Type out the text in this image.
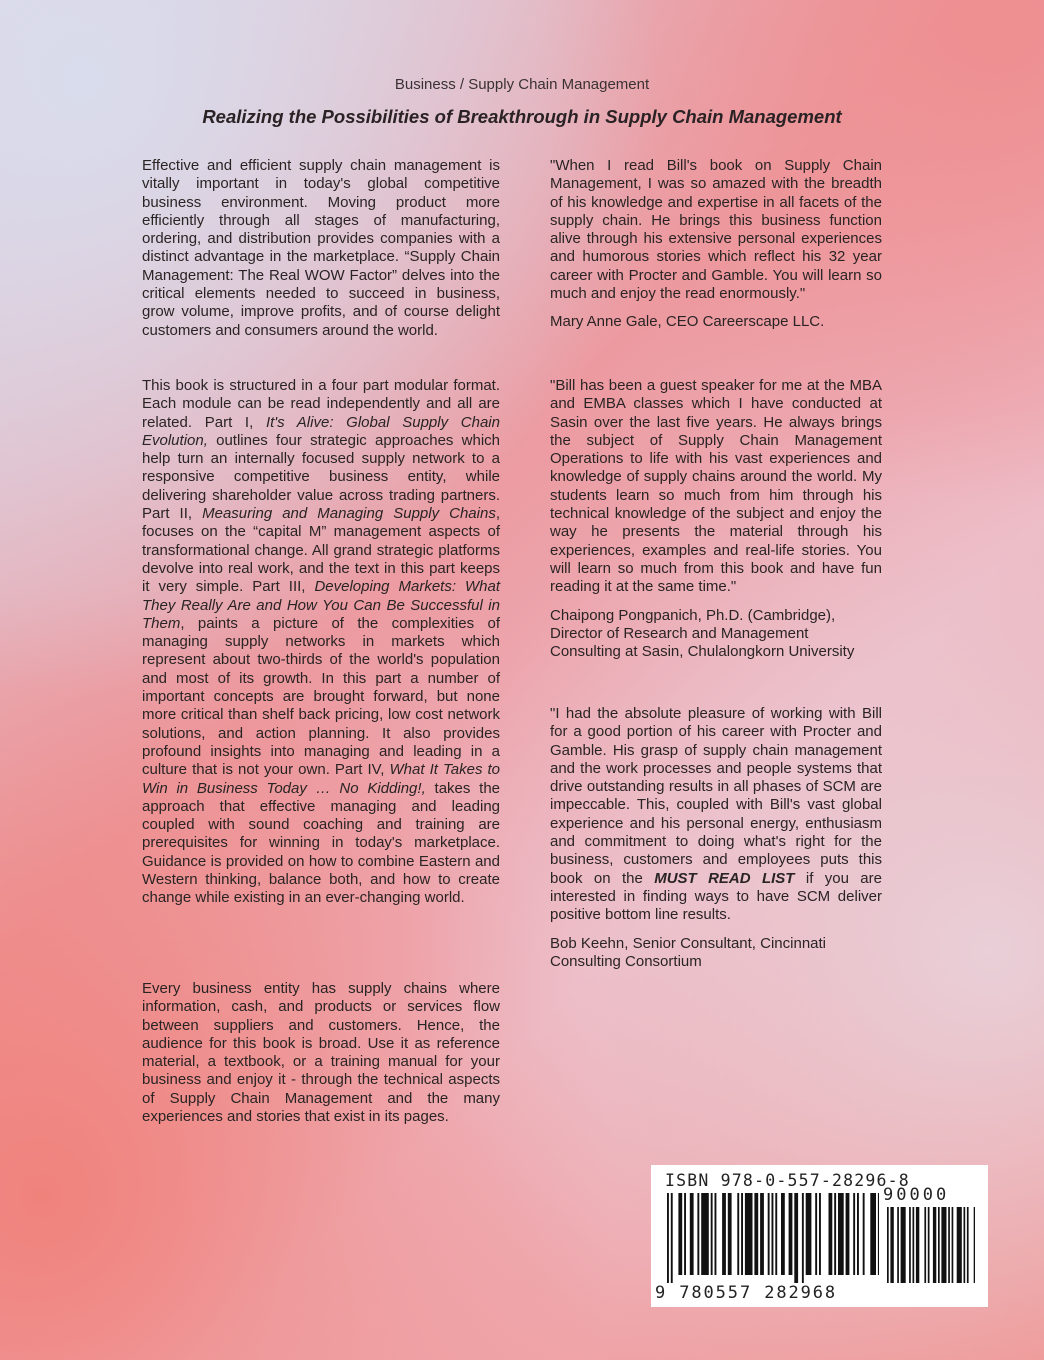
Business / Supply Chain Management
Realizing the Possibilities of Breakthrough in Supply Chain Management

Effective and efficient supply chain management is vitally important in today's global competitive business environment. Moving product more efficiently through all stages of manufacturing, ordering, and distribution provides companies with a distinct advantage in the marketplace. “Supply Chain Management: The Real WOW Factor” delves into the critical elements needed to succeed in business, grow volume, improve profits, and of course delight customers and consumers around the world.

This book is structured in a four part modular format. Each module can be read independently and all are related. Part I, It's Alive: Global Supply Chain Evolution, outlines four strategic approaches which help turn an internally focused supply network to a responsive competitive business entity, while delivering shareholder value across trading partners. Part II, Measuring and Managing Supply Chains, focuses on the “capital M” management aspects of transformational change. All grand strategic platforms devolve into real work, and the text in this part keeps it very simple. Part III, Developing Markets: What They Really Are and How You Can Be Successful in Them, paints a picture of the complexities of managing supply networks in markets which represent about two-thirds of the world's population and most of its growth. In this part a number of important concepts are brought forward, but none more critical than shelf back pricing, low cost network solutions, and action planning. It also provides profound insights into managing and leading in a culture that is not your own. Part IV, What It Takes to Win in Business Today … No Kidding!, takes the approach that effective managing and leading coupled with sound coaching and training are prerequisites for winning in today's marketplace. Guidance is provided on how to combine Eastern and Western thinking, balance both, and how to create change while existing in an ever-changing world.

Every business entity has supply chains where information, cash, and products or services flow between suppliers and customers. Hence, the audience for this book is broad. Use it as reference material, a textbook, or a training manual for your business and enjoy it - through the technical aspects of Supply Chain Management and the many experiences and stories that exist in its pages.

"When I read Bill's book on Supply Chain Management, I was so amazed with the breadth of his knowledge and expertise in all facets of the supply chain. He brings this business function alive through his extensive personal experiences and humorous stories which reflect his 32 year career with Procter and Gamble. You will learn so much and enjoy the read enormously."

Mary Anne Gale, CEO Careerscape LLC.

"Bill has been a guest speaker for me at the MBA and EMBA classes which I have conducted at Sasin over the last five years. He always brings the subject of Supply Chain Management Operations to life with his vast experiences and knowledge of supply chains around the world. My students learn so much from him through his technical knowledge of the subject and enjoy the way he presents the material through his experiences, examples and real-life stories. You will learn so much from this book and have fun reading it at the same time."

Chaipong Pongpanich, Ph.D. (Cambridge),

Director of Research and Management Consulting at Sasin, Chulalongkorn University

"I had the absolute pleasure of working with Bill for a good portion of his career with Procter and Gamble. His grasp of supply chain management and the work processes and people systems that drive outstanding results in all phases of SCM are impeccable. This, coupled with Bill's vast global experience and his personal energy, enthusiasm and commitment to doing what's right for the business, customers and employees puts this book on the MUST READ LIST if you are interested in finding ways to have SCM deliver positive bottom line results.

Bob Keehn, Senior Consultant, Cincinnati Consulting Consortium

ISBN 978-0-557-28296-8
90000
9 780557 282968
